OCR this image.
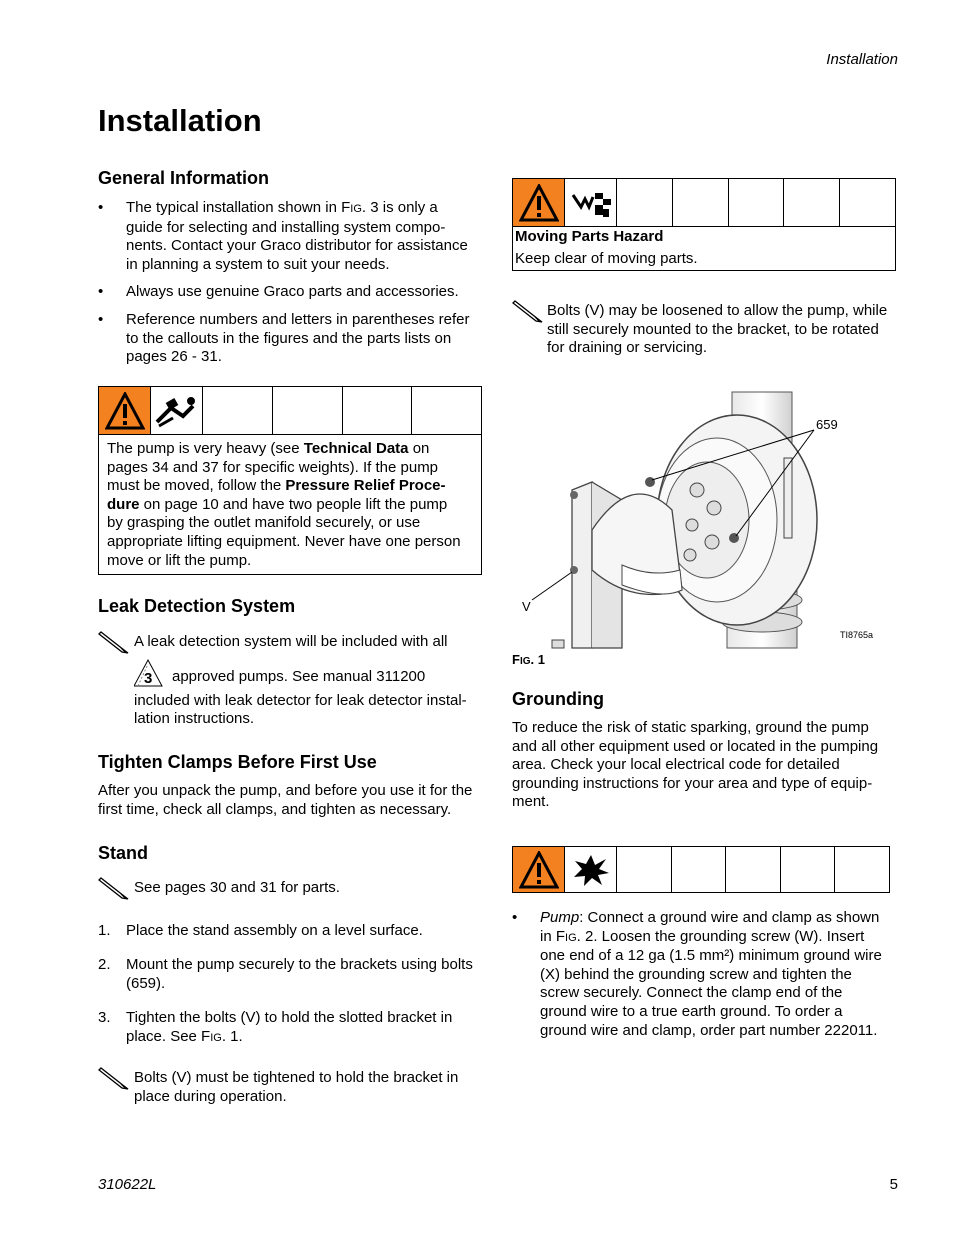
Installation
Installation
General Information
• The typical installation shown in FIG. 3 is only a
guide for selecting and installing system compo-
nents. Contact your Graco distributor for assistance
in planning a system to suit your needs.
• Always use genuine Graco parts and accessories.
• Reference numbers and letters in parentheses refer
to the callouts in the figures and the parts lists on
pages 26 - 31.
The pump is very heavy (see Technical Data on
pages 34 and 37 for specific weights). If the pump
must be moved, follow the Pressure Relief Proce-
dure on page 10 and have two people lift the pump
by grasping the outlet manifold securely, or use
appropriate lifting equipment. Never have one person
move or lift the pump.
Leak Detection System
A leak detection system will be included with all
3 approved pumps. See manual 311200
included with leak detector for leak detector instal-
lation instructions.
Tighten Clamps Before First Use
After you unpack the pump, and before you use it for the
first time, check all clamps, and tighten as necessary.
Stand
See pages 30 and 31 for parts.
1. Place the stand assembly on a level surface.
2. Mount the pump securely to the brackets using bolts
(659).
3. Tighten the bolts (V) to hold the slotted bracket in
place. See FIG. 1.
Bolts (V) must be tightened to hold the bracket in
place during operation.
Moving Parts Hazard
Keep clear of moving parts.
Bolts (V) may be loosened to allow the pump, while
still securely mounted to the bracket, to be rotated
for draining or servicing.
659
V
TI8765a
FIG. 1
Grounding
To reduce the risk of static sparking, ground the pump
and all other equipment used or located in the pumping
area. Check your local electrical code for detailed
grounding instructions for your area and type of equip-
ment.
• Pump: Connect a ground wire and clamp as shown
in FIG. 2. Loosen the grounding screw (W). Insert
one end of a 12 ga (1.5 mm²) minimum ground wire
(X) behind the grounding screw and tighten the
screw securely. Connect the clamp end of the
ground wire to a true earth ground. To order a
ground wire and clamp, order part number 222011.
310622L	5
